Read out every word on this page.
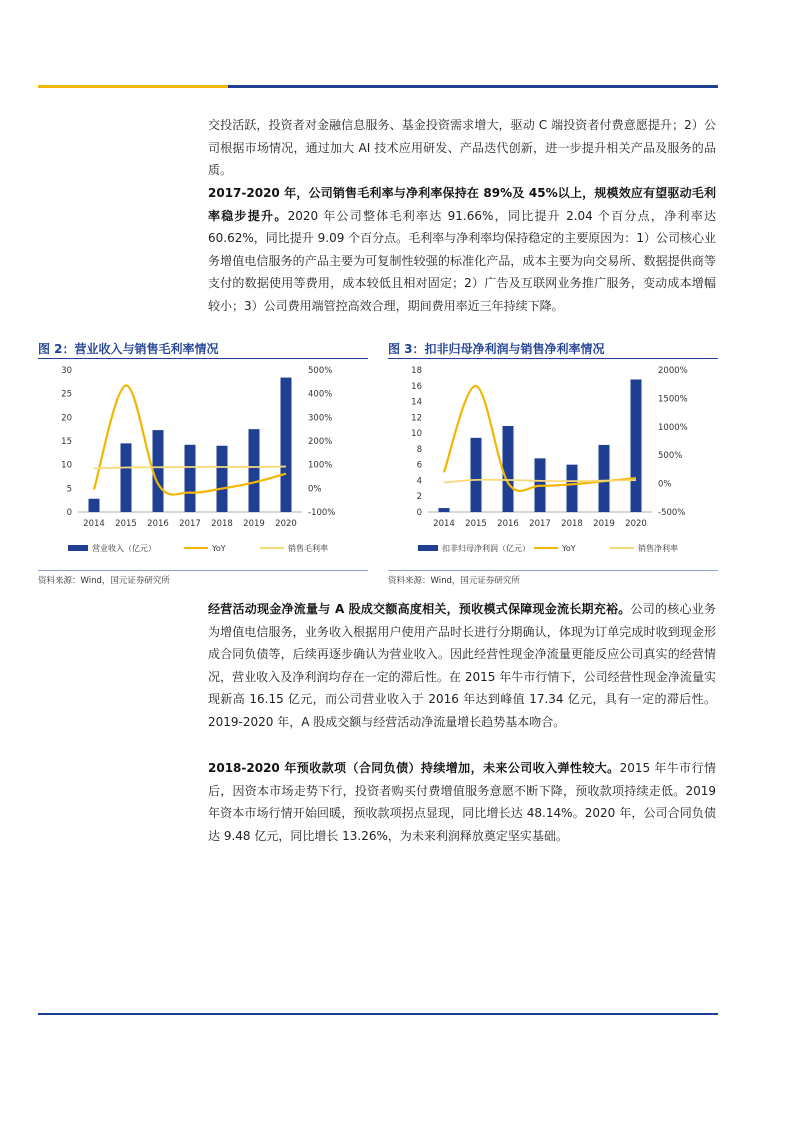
交投活跃，投资者对金融信息服务、基金投资需求增大，驱动 C 端投资者付费意愿提升；2）公司根据市场情况，通过加大 AI 技术应用研发、产品迭代创新，进一步提升相关产品及服务的品质。

2017-2020 年，公司销售毛利率与净利率保持在 89%及 45%以上，规模效应有望驱动毛利率稳步提升。2020 年公司整体毛利率达 91.66%，同比提升 2.04 个百分点，净利率达 60.62%，同比提升 9.09 个百分点。毛利率与净利率均保持稳定的主要原因为：1）公司核心业务增值电信服务的产品主要为可复制性较强的标准化产品，成本主要为向交易所、数据提供商等支付的数据使用等费用，成本较低且相对固定；2）广告及互联网业务推广服务，变动成本增幅较小；3）公司费用端管控高效合理，期间费用率近三年持续下降。

图 2：营业收入与销售毛利率情况
0
5
10
15
20
25
30
-100%
0%
100%
200%
300%
400%
500%
2014 2015 2016 2017 2018 2019 2020
营业收入（亿元）	YoY	销售毛利率
资料来源：Wind，国元证券研究所
图 3：扣非归母净利润与销售净利率情况
0
2
4
6
8
10
12
14
16
18
-500%
0%
500%
1000%
1500%
2000%
2014 2015 2016 2017 2018 2019 2020
扣非归母净利润（亿元）	YoY	销售净利率
资料来源：Wind，国元证券研究所

经营活动现金净流量与 A 股成交额高度相关，预收模式保障现金流长期充裕。公司的核心业务为增值电信服务，业务收入根据用户使用产品时长进行分期确认，体现为订单完成时收到现金形成合同负债等，后续再逐步确认为营业收入。因此经营性现金净流量更能反应公司真实的经营情况，营业收入及净利润均存在一定的滞后性。在 2015 年牛市行情下，公司经营性现金净流量实现新高 16.15 亿元，而公司营业收入于 2016 年达到峰值 17.34 亿元，具有一定的滞后性。2019-2020 年，A 股成交额与经营活动净流量增长趋势基本吻合。

2018-2020 年预收款项（合同负债）持续增加，未来公司收入弹性较大。2015 年牛市行情后，因资本市场走势下行，投资者购买付费增值服务意愿不断下降，预收款项持续走低。2019 年资本市场行情开始回暖，预收款项拐点显现，同比增长达 48.14%。2020 年，公司合同负债达 9.48 亿元，同比增长 13.26%，为未来利润释放奠定坚实基础。
